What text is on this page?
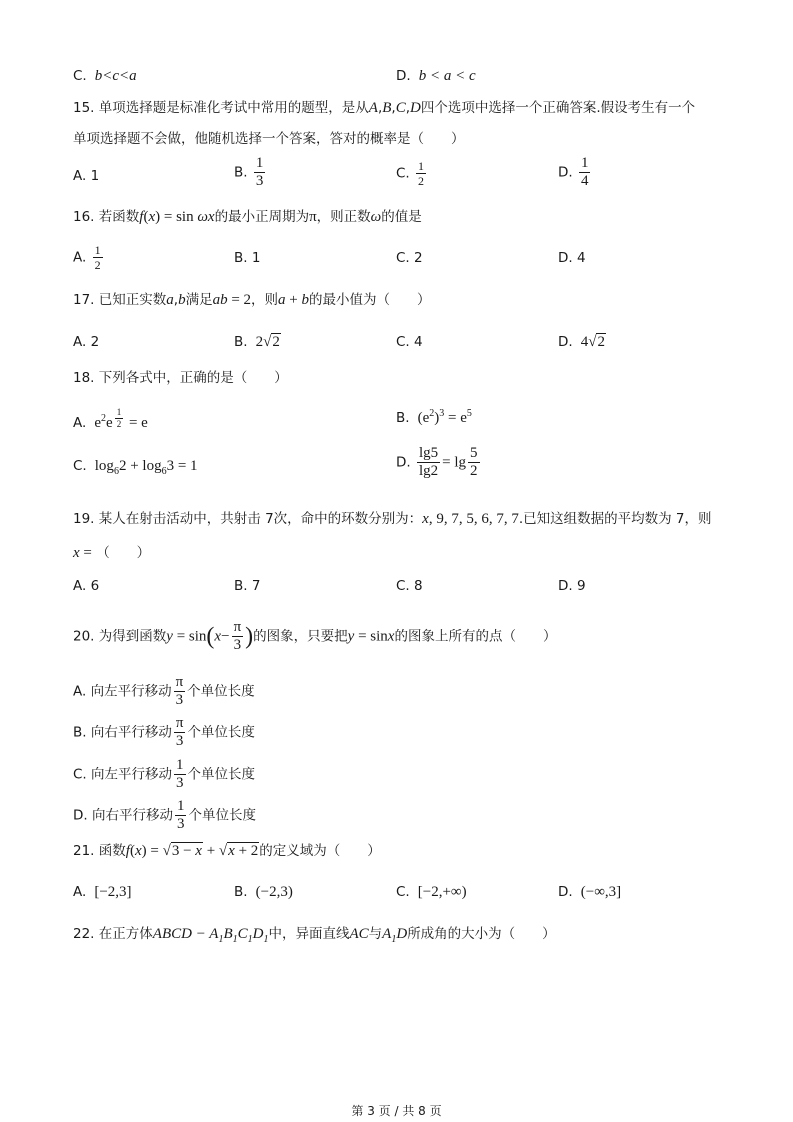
C.  b<c<a	D.  b < a < c
15. 单项选择题是标准化考试中常用的题型，是从A,B,C,D四个选项中选择一个正确答案.假设考生有一个
单项选择题不会做，他随机选择一个答案，答对的概率是（　　）
A. 1	B. $\frac{1}{3}$	C. $\frac{1}{2}$	D. $\frac{1}{4}$
16. 若函数f(x) = sin ωx的最小正周期为π，则正数ω的值是
A. $\frac{1}{2}$	B. 1	C. 2	D. 4
17. 已知正实数a,b满足ab = 2，则a + b的最小值为（　　）
A. 2	B.  2√2	C. 4	D.  4√2
18. 下列各式中，正确的是（　　）
A.  $e^2e$ $^{\frac{1}{2}}$ = e	B.  $(e^2)^3 = e^5$
C.  $\log_62 + \log_63 = 1$	D. $\frac{\lg 5}{\lg 2} = \lg \frac{5}{2}$
19. 某人在射击活动中，共射击 7次，命中的环数分别为：x, 9, 7, 5, 6, 7, 7.已知这组数据的平均数为 7，则
x = （　　）
A. 6	B. 7	C. 8	D. 9
20. 为得到函数$y = \sin(x- \frac{\pi}{3}$ )的图象，只要把y = sinx的图象上所有的点（　　）
A. 向左平行移动 $\frac{\pi}{3}$ 个单位长度
B. 向右平行移动 $\frac{\pi}{3}$ 个单位长度
C. 向左平行移动 $\frac{1}{3}$ 个单位长度
D. 向右平行移动 $\frac{1}{3}$ 个单位长度
21. 函数f(x) = √3 − x + √x + 2的定义域为（　　）
A.  [−2,3]	B.  (−2,3)	C.  [−2,+∞)	D.  (−∞,3]
22. 在正方体ABCD − $A_1B_1C_1D_1$中，异面直线AC与$A_1D$所成角的大小为（　　）
第 3 页 / 共 8 页
